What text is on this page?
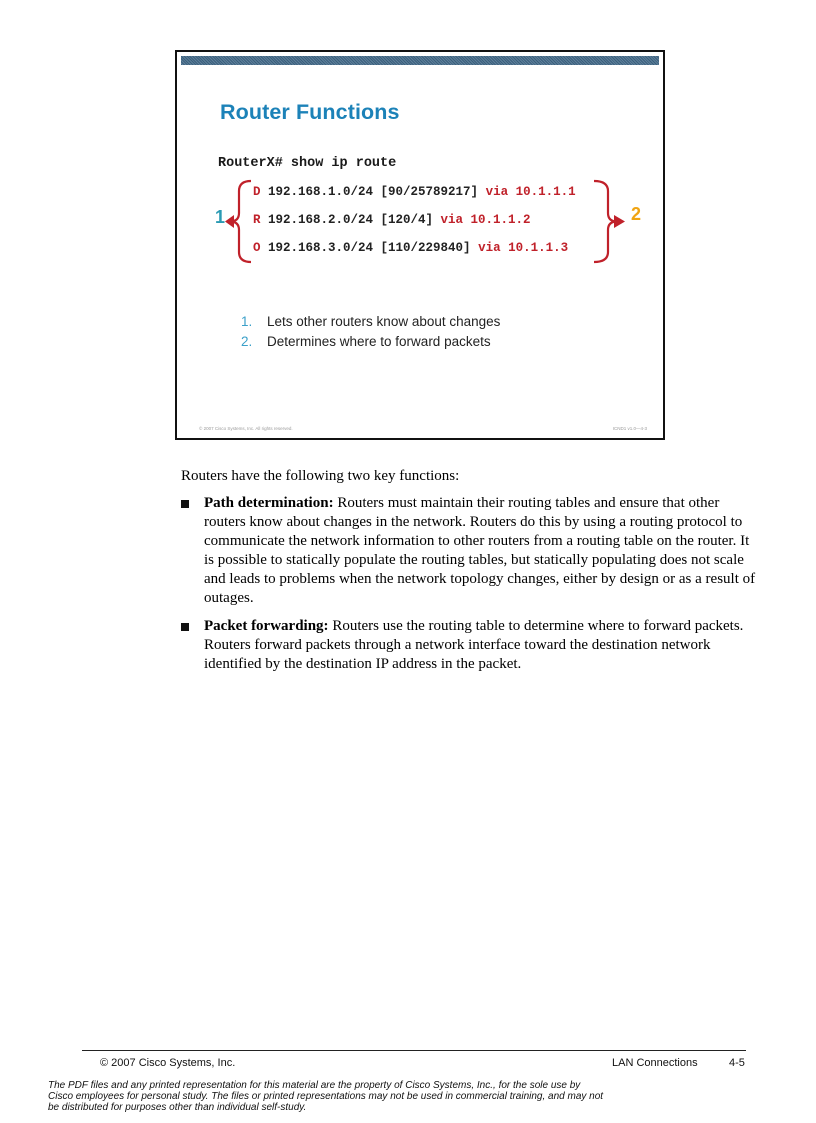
Router Functions
RouterX# show ip route
D 192.168.1.0/24 [90/25789217] via 10.1.1.1
R 192.168.2.0/24 [120/4] via 10.1.1.2
O 192.168.3.0/24 [110/229840] via 10.1.1.3
1	2
1. Lets other routers know about changes
2. Determines where to forward packets
© 2007 Cisco Systems, Inc. All rights reserved.	ICND1 v1.0—4-3

Routers have the following two key functions:

Path determination: Routers must maintain their routing tables and ensure that other routers know about changes in the network. Routers do this by using a routing protocol to communicate the network information to other routers from a routing table on the router. It is possible to statically populate the routing tables, but statically populating does not scale and leads to problems when the network topology changes, either by design or as a result of outages.
Packet forwarding: Routers use the routing table to determine where to forward packets. Routers forward packets through a network interface toward the destination network identified by the destination IP address in the packet.
© 2007 Cisco Systems, Inc.	LAN Connections	4-5

The PDF files and any printed representation for this material are the property of Cisco Systems, Inc., for the sole use by Cisco employees for personal study. The files or printed representations may not be used in commercial training, and may not be distributed for purposes other than individual self-study.
